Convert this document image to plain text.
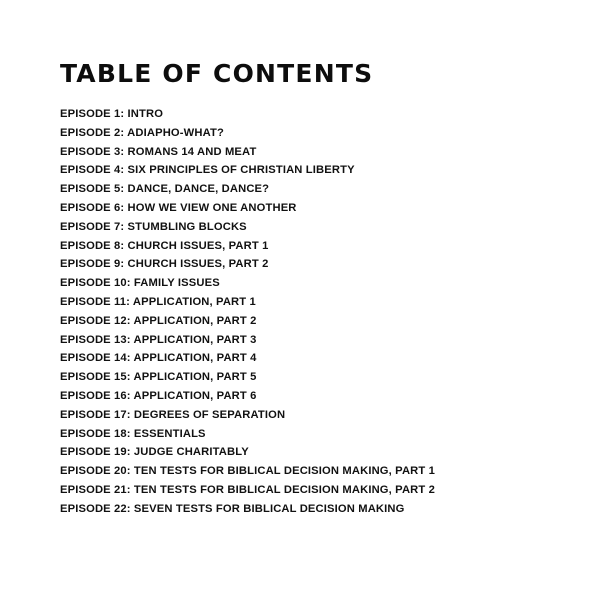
TABLE OF CONTENTS
EPISODE 1: INTRO
EPISODE 2: ADIAPHO-WHAT?
EPISODE 3: ROMANS 14 AND MEAT
EPISODE 4: SIX PRINCIPLES OF CHRISTIAN LIBERTY
EPISODE 5: DANCE, DANCE, DANCE?
EPISODE 6: HOW WE VIEW ONE ANOTHER
EPISODE 7: STUMBLING BLOCKS
EPISODE 8: CHURCH ISSUES, PART 1
EPISODE 9: CHURCH ISSUES, PART 2
EPISODE 10: FAMILY ISSUES
EPISODE 11: APPLICATION, PART 1
EPISODE 12: APPLICATION, PART 2
EPISODE 13: APPLICATION, PART 3
EPISODE 14: APPLICATION, PART 4
EPISODE 15: APPLICATION, PART 5
EPISODE 16: APPLICATION, PART 6
EPISODE 17: DEGREES OF SEPARATION
EPISODE 18: ESSENTIALS
EPISODE 19: JUDGE CHARITABLY
EPISODE 20: TEN TESTS FOR BIBLICAL DECISION MAKING, PART 1
EPISODE 21: TEN TESTS FOR BIBLICAL DECISION MAKING, PART 2
EPISODE 22: SEVEN TESTS FOR BIBLICAL DECISION MAKING
